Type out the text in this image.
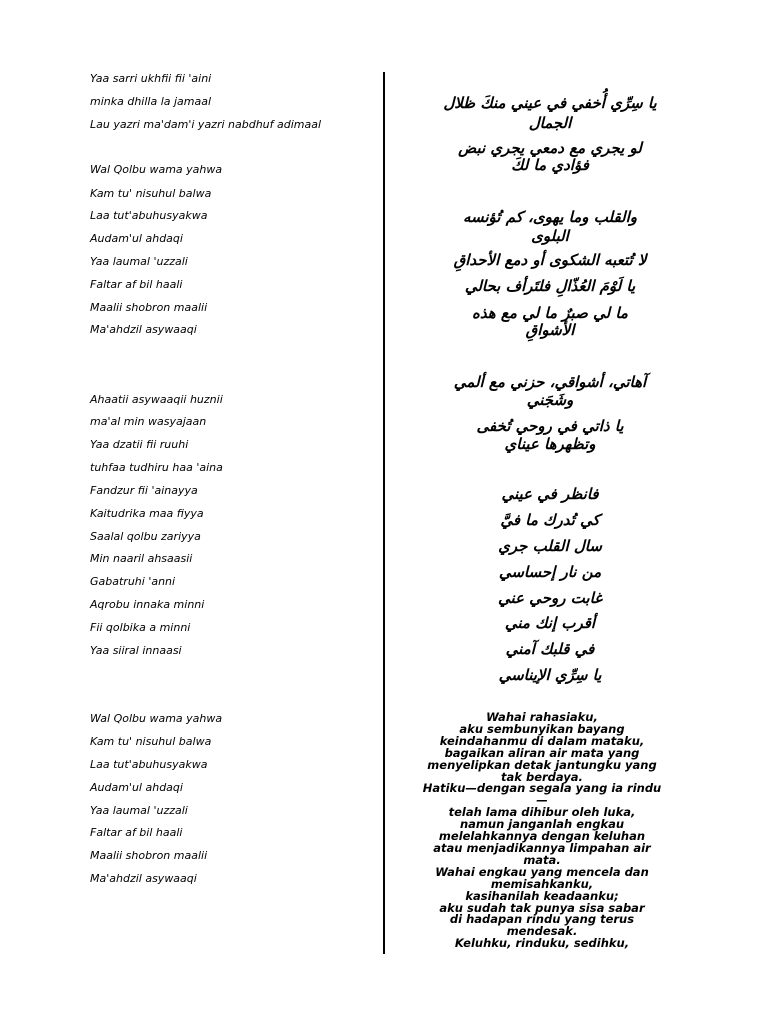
Yaa sarri ukhfii fii 'aini
minka dhilla la jamaal
Lau yazri ma'dam'i yazri nabdhuf adimaal
Wal Qolbu wama yahwa
Kam tu' nisuhul balwa
Laa tut'abuhusyakwa
Audam'ul ahdaqi
Yaa laumal 'uzzali
Faltar af bil haali
Maalii shobron maalii
Ma'ahdzil asywaaqi
Ahaatii asywaaqii huznii
ma'al min wasyajaan
Yaa dzatii fii ruuhi
tuhfaa tudhiru haa 'aina
Fandzur fii 'ainayya
Kaitudrika maa fiyya
Saalal qolbu zariyya
Min naaril ahsaasii
Gabatruhi 'anni
Aqrobu innaka minni
Fii qolbika a minni
Yaa siiral innaasi
Wal Qolbu wama yahwa
Kam tu' nisuhul balwa
Laa tut'abuhusyakwa
Audam'ul ahdaqi
Yaa laumal 'uzzali
Faltar af bil haali
Maalii shobron maalii
Ma'ahdzil asywaaqi
يا سِرِّي أُخفي في عيني منكَ ظلال
الجمال
لو يجري مع دمعي يجري نبض
فؤادي ما لكَ
والقلب وما يهوى، كم تُؤنسه
البلوى
لا تُتعبه الشكوى أو دمع الأحداقِ
يا لَوْمَ العُذّالِ فلتَرأف بحالي
ما لي صبرٌ ما لي مع هذه
الأشواقِ
آهاتي، أشواقي، حزني مع ألمي
وشَجَني
يا ذاتي في روحي تُخفى
وتظهرها عيناي
فانظر في عيني
كي تُدرك ما فيَّ
سال القلب جري
من نار إحساسي
غابت روحي عني
أقرب إنك مني
في قلبك آمني
يا سِرِّي الإيناسي
Wahai rahasiaku,
aku sembunyikan bayang
keindahanmu di dalam mataku,
bagaikan aliran air mata yang
menyelipkan detak jantungku yang
tak berdaya.
Hatiku—dengan segala yang ia rindu
—
telah lama dihibur oleh luka,
namun janganlah engkau
melelahkannya dengan keluhan
atau menjadikannya limpahan air
mata.
Wahai engkau yang mencela dan
memisahkanku,
kasihanilah keadaanku;
aku sudah tak punya sisa sabar
di hadapan rindu yang terus
mendesak.
Keluhku, rinduku, sedihku,
